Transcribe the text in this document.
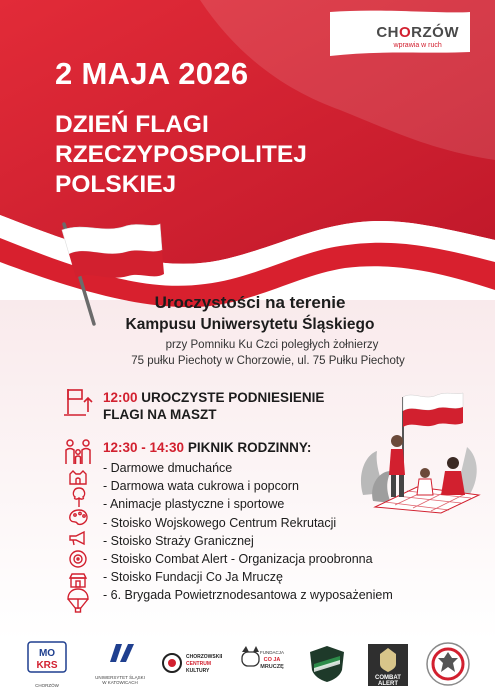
CHORZÓW
wprawia w ruch
2 MAJA 2026
DZIEŃ FLAGI
RZECZYPOSPOLITEJ
POLSKIEJ
Uroczystości na terenie
Kampusu Uniwersytetu Śląskiego
przy Pomniku Ku Czci poległych żołnierzy
75 pułku Piechoty w Chorzowie, ul. 75 Pułku Piechoty
12:00 UROCZYSTE PODNIESIENIE
FLAGI NA MASZT
12:30 - 14:30 PIKNIK RODZINNY:
- Darmowe dmuchańce
- Darmowa wata cukrowa i popcorn
- Animacje plastyczne i sportowe
- Stoisko Wojskowego Centrum Rekrutacji
- Stoisko Straży Granicznej
- Stoisko Combat Alert - Organizacja proobronna
- Stoisko Fundacji Co Ja Mruczę
- 6. Brygada Powietrznodesantowa z wyposażeniem
MO
KRS
CHORZÓW
UNIWERSYTET ŚLĄSKI
W KATOWICACH
CHORZOWSKIE
CENTRUM
KULTURY
FUNDACJA
CO JA
MRUCZĘ
COMBAT
ALERT
